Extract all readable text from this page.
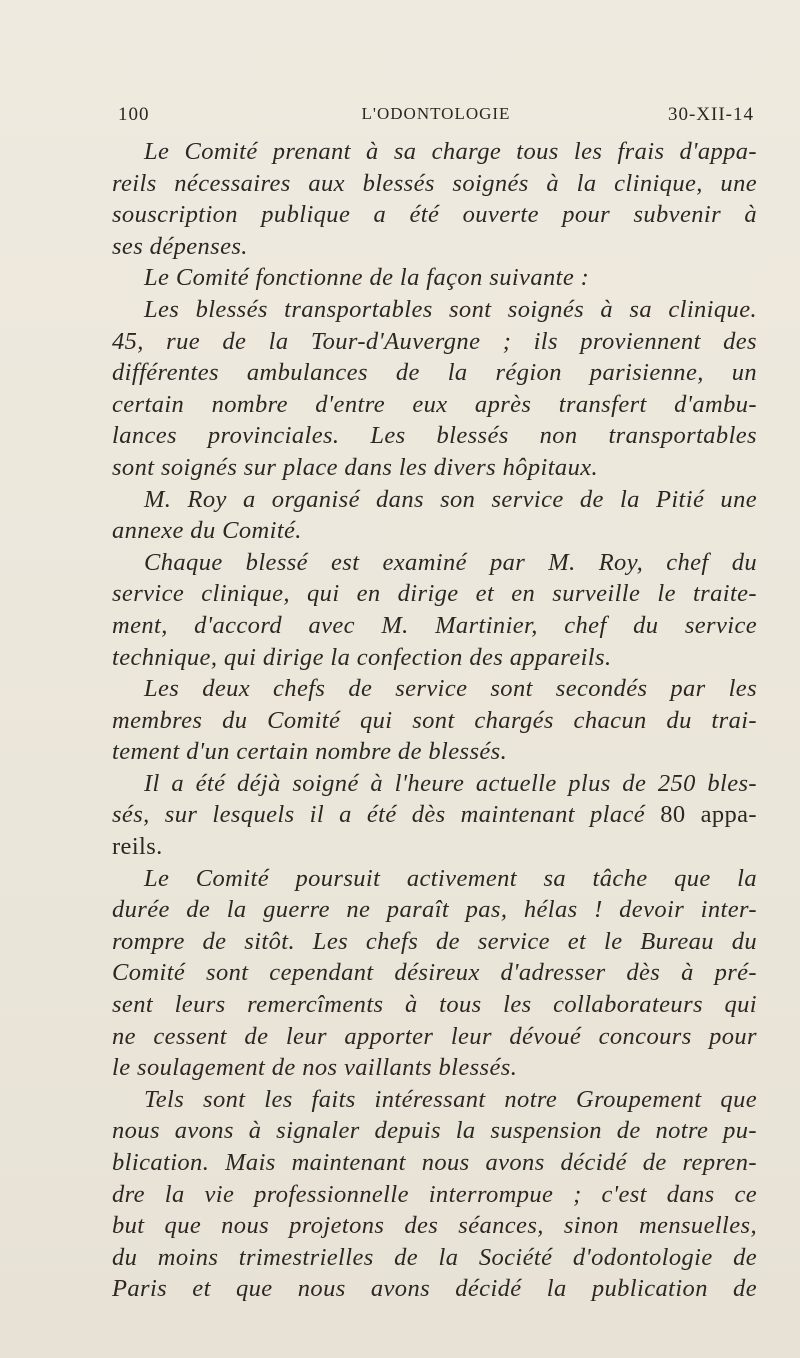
100	L'ODONTOLOGIE	30-XII-14
Le Comité prenant à sa charge tous les frais d'appa-
reils nécessaires aux blessés soignés à la clinique, une
souscription publique a été ouverte pour subvenir à
ses dépenses.
Le Comité fonctionne de la façon suivante :
Les blessés transportables sont soignés à sa clinique.
45, rue de la Tour-d'Auvergne ; ils proviennent des
différentes ambulances de la région parisienne, un
certain nombre d'entre eux après transfert d'ambu-
lances provinciales. Les blessés non transportables
sont soignés sur place dans les divers hôpitaux.
M. Roy a organisé dans son service de la Pitié une
annexe du Comité.
Chaque blessé est examiné par M. Roy, chef du
service clinique, qui en dirige et en surveille le traite-
ment, d'accord avec M. Martinier, chef du service
technique, qui dirige la confection des appareils.
Les deux chefs de service sont secondés par les
membres du Comité qui sont chargés chacun du trai-
tement d'un certain nombre de blessés.
Il a été déjà soigné à l'heure actuelle plus de 250 bles-
sés, sur lesquels il a été dès maintenant placé 80 appa-
reils.
Le Comité poursuit activement sa tâche que la
durée de la guerre ne paraît pas, hélas ! devoir inter-
rompre de sitôt. Les chefs de service et le Bureau du
Comité sont cependant désireux d'adresser dès à pré-
sent leurs remercîments à tous les collaborateurs qui
ne cessent de leur apporter leur dévoué concours pour
le soulagement de nos vaillants blessés.
Tels sont les faits intéressant notre Groupement que
nous avons à signaler depuis la suspension de notre pu-
blication. Mais maintenant nous avons décidé de repren-
dre la vie professionnelle interrompue ; c'est dans ce
but que nous projetons des séances, sinon mensuelles,
du moins trimestrielles de la Société d'odontologie de
Paris et que nous avons décidé la publication de
